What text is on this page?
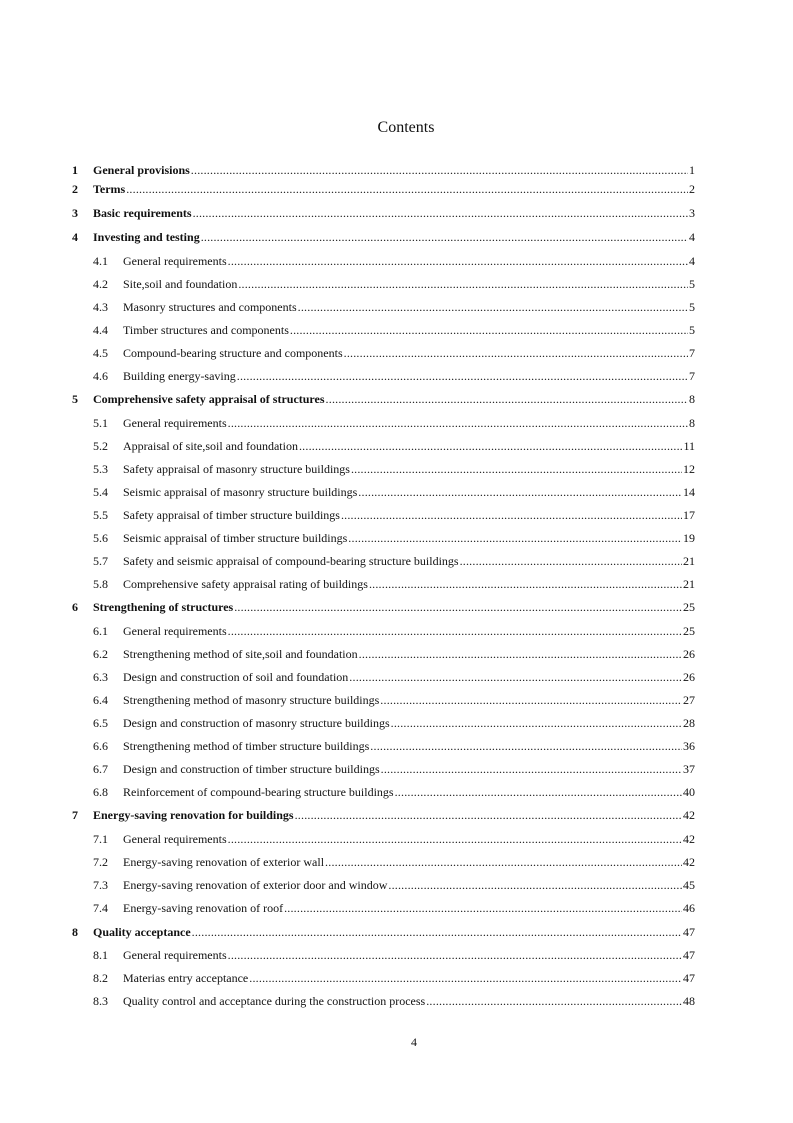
Contents
1	General provisions .....	1
2	Terms .....	2
3	Basic requirements .....	3
4	Investing and testing .....	4
4.1	General requirements .....	4
4.2	Site,soil and foundation .....	5
4.3	Masonry structures and components .....	5
4.4	Timber structures and components .....	5
4.5	Compound-bearing structure and components .....	7
4.6	Building energy-saving .....	7
5	Comprehensive safety appraisal of structures .....	8
5.1	General requirements .....	8
5.2	Appraisal of site,soil and foundation .....	11
5.3	Safety appraisal of masonry structure buildings .....	12
5.4	Seismic appraisal of masonry structure buildings .....	14
5.5	Safety appraisal of timber structure buildings .....	17
5.6	Seismic appraisal of timber structure buildings .....	19
5.7	Safety and seismic appraisal of compound-bearing structure buildings .....	21
5.8	Comprehensive safety appraisal rating of buildings .....	21
6	Strengthening of structures .....	25
6.1	General requirements .....	25
6.2	Strengthening method of site,soil and foundation .....	26
6.3	Design and construction of soil and foundation .....	26
6.4	Strengthening method of masonry structure buildings .....	27
6.5	Design and construction of masonry structure buildings .....	28
6.6	Strengthening method of timber structure buildings .....	36
6.7	Design and construction of timber structure buildings .....	37
6.8	Reinforcement of compound-bearing structure buildings .....	40
7	Energy-saving renovation for buildings .....	42
7.1	General requirements .....	42
7.2	Energy-saving renovation of exterior wall .....	42
7.3	Energy-saving renovation of exterior door and window .....	45
7.4	Energy-saving renovation of roof .....	46
8	Quality acceptance .....	47
8.1	General requirements .....	47
8.2	Materias entry acceptance .....	47
8.3	Quality control and acceptance during the construction process .....	48
4
